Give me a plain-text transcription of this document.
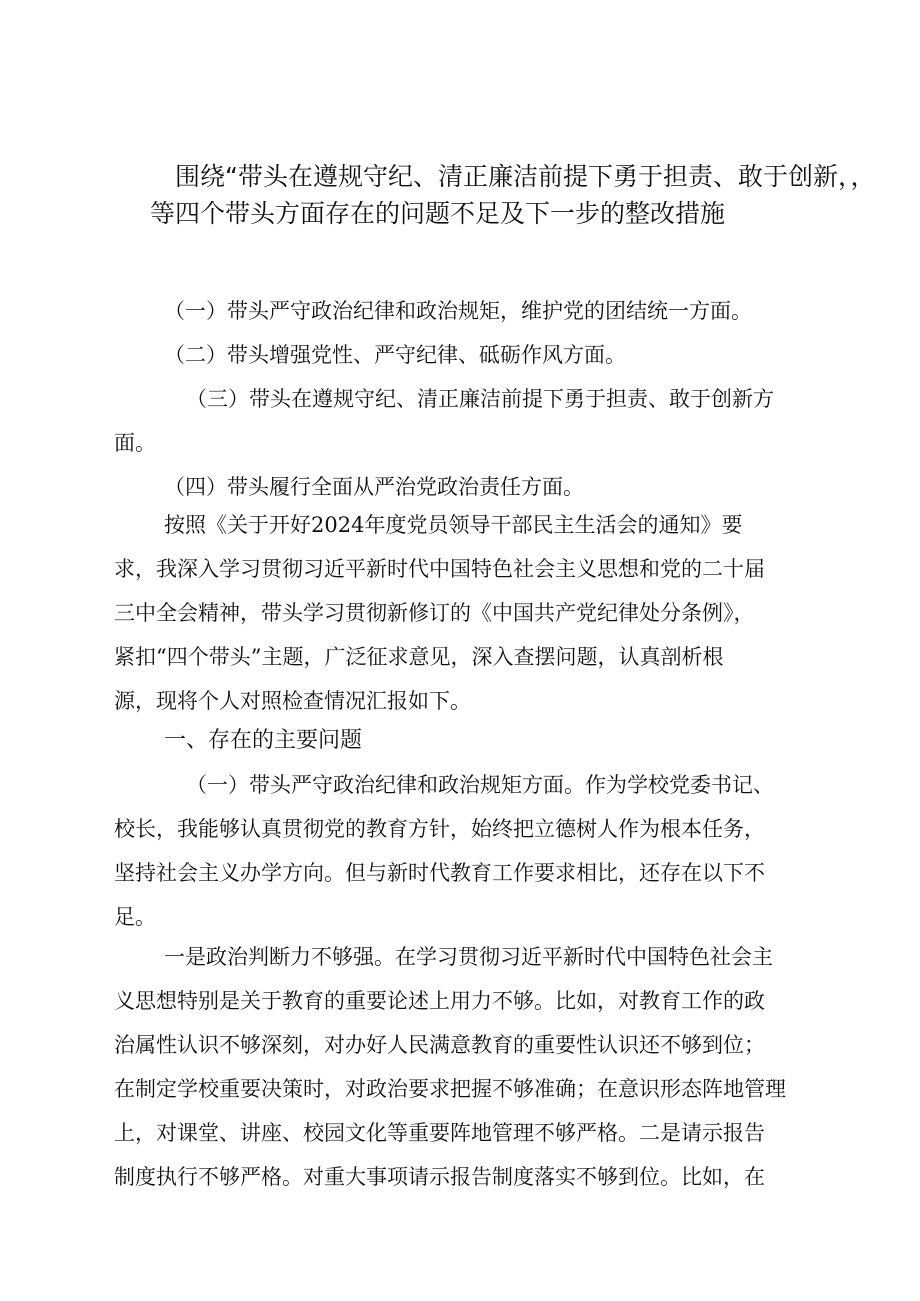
围绕“带头在遵规守纪、清正廉洁前提下勇于担责、敢于创新，，
等四个带头方面存在的问题不足及下一步的整改措施
（一）带头严守政治纪律和政治规矩，维护党的团结统一方面。
（二）带头增强党性、严守纪律、砥砺作风方面。
（三）带头在遵规守纪、清正廉洁前提下勇于担责、敢于创新方
面。
（四）带头履行全面从严治党政治责任方面。
按照《关于开好2024年度党员领导干部民主生活会的通知》要
求，我深入学习贯彻习近平新时代中国特色社会主义思想和党的二十届
三中全会精神，带头学习贯彻新修订的《中国共产党纪律处分条例》，
紧扣“四个带头”主题，广泛征求意见，深入查摆问题，认真剖析根
源，现将个人对照检查情况汇报如下。
一、存在的主要问题
（一）带头严守政治纪律和政治规矩方面。作为学校党委书记、
校长，我能够认真贯彻党的教育方针，始终把立德树人作为根本任务，
坚持社会主义办学方向。但与新时代教育工作要求相比，还存在以下不
足。
一是政治判断力不够强。在学习贯彻习近平新时代中国特色社会主
义思想特别是关于教育的重要论述上用力不够。比如，对教育工作的政
治属性认识不够深刻，对办好人民满意教育的重要性认识还不够到位；
在制定学校重要决策时，对政治要求把握不够准确；在意识形态阵地管理
上，对课堂、讲座、校园文化等重要阵地管理不够严格。二是请示报告
制度执行不够严格。对重大事项请示报告制度落实不够到位。比如，在
